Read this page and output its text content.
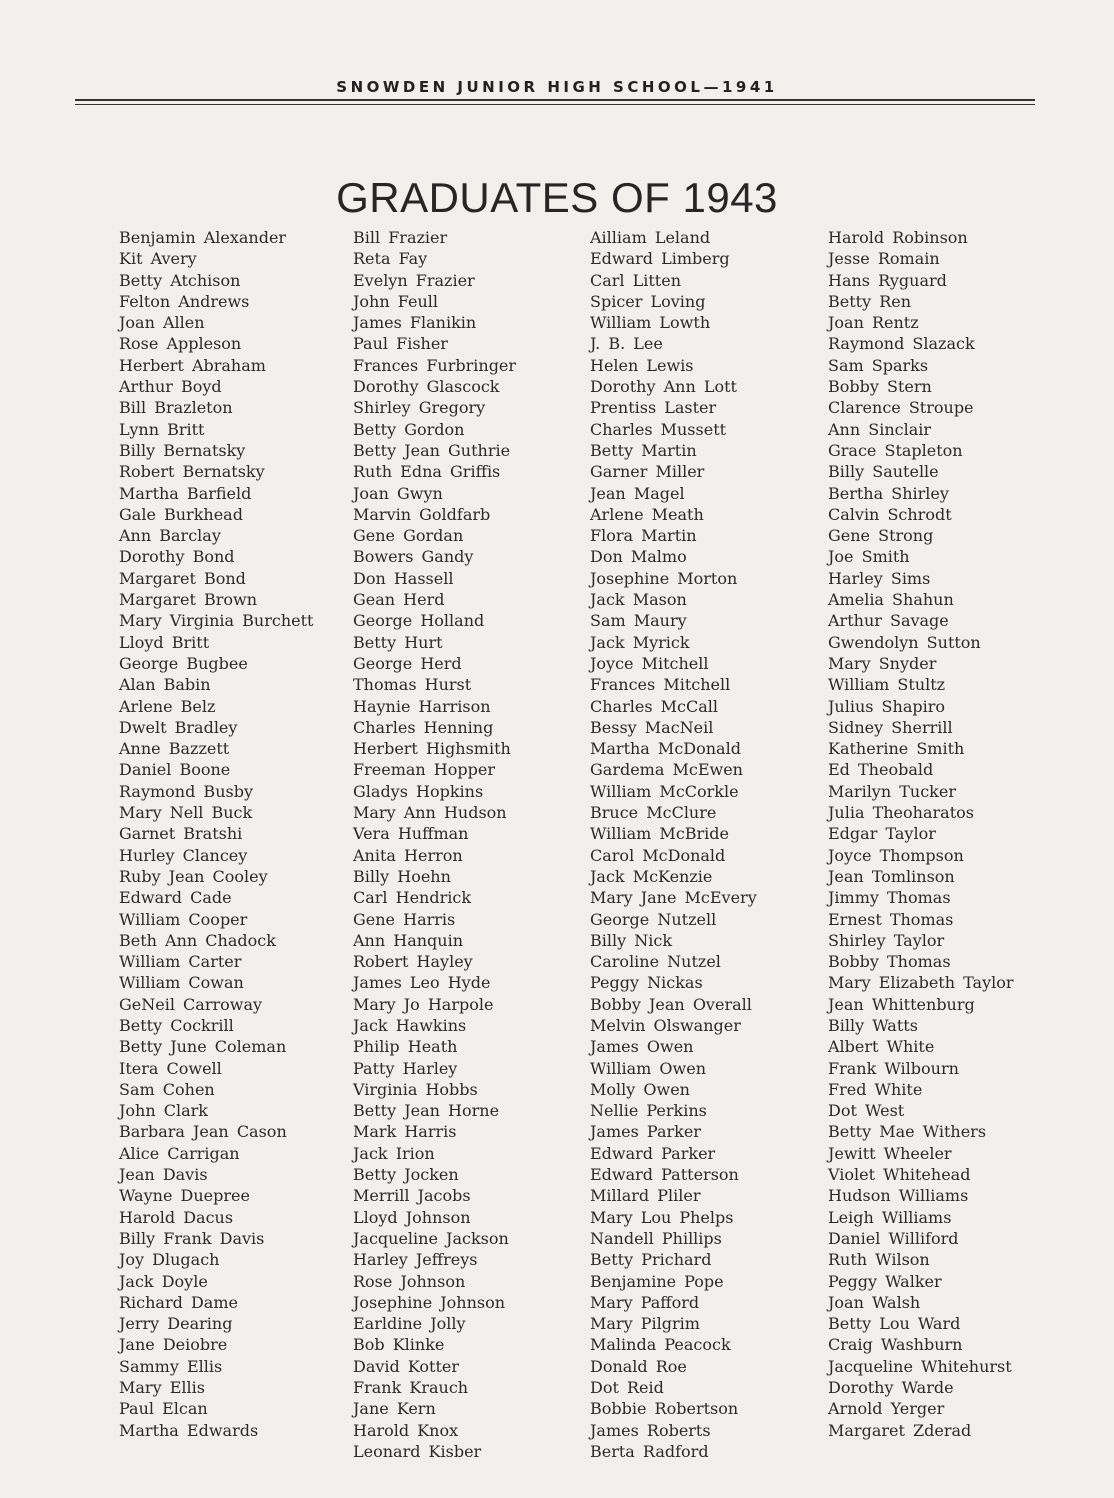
SNOWDEN JUNIOR HIGH SCHOOL—1941
GRADUATES OF 1943
Benjamin Alexander
Kit Avery
Betty Atchison
Felton Andrews
Joan Allen
Rose Appleson
Herbert Abraham
Arthur Boyd
Bill Brazleton
Lynn Britt
Billy Bernatsky
Robert Bernatsky
Martha Barfield
Gale Burkhead
Ann Barclay
Dorothy Bond
Margaret Bond
Margaret Brown
Mary Virginia Burchett
Lloyd Britt
George Bugbee
Alan Babin
Arlene Belz
Dwelt Bradley
Anne Bazzett
Daniel Boone
Raymond Busby
Mary Nell Buck
Garnet Bratshi
Hurley Clancey
Ruby Jean Cooley
Edward Cade
William Cooper
Beth Ann Chadock
William Carter
William Cowan
GeNeil Carroway
Betty Cockrill
Betty June Coleman
Itera Cowell
Sam Cohen
John Clark
Barbara Jean Cason
Alice Carrigan
Jean Davis
Wayne Duepree
Harold Dacus
Billy Frank Davis
Joy Dlugach
Jack Doyle
Richard Dame
Jerry Dearing
Jane Deiobre
Sammy Ellis
Mary Ellis
Paul Elcan
Martha Edwards
Bill Frazier
Reta Fay
Evelyn Frazier
John Feull
James Flanikin
Paul Fisher
Frances Furbringer
Dorothy Glascock
Shirley Gregory
Betty Gordon
Betty Jean Guthrie
Ruth Edna Griffis
Joan Gwyn
Marvin Goldfarb
Gene Gordan
Bowers Gandy
Don Hassell
Gean Herd
George Holland
Betty Hurt
George Herd
Thomas Hurst
Haynie Harrison
Charles Henning
Herbert Highsmith
Freeman Hopper
Gladys Hopkins
Mary Ann Hudson
Vera Huffman
Anita Herron
Billy Hoehn
Carl Hendrick
Gene Harris
Ann Hanquin
Robert Hayley
James Leo Hyde
Mary Jo Harpole
Jack Hawkins
Philip Heath
Patty Harley
Virginia Hobbs
Betty Jean Horne
Mark Harris
Jack Irion
Betty Jocken
Merrill Jacobs
Lloyd Johnson
Jacqueline Jackson
Harley Jeffreys
Rose Johnson
Josephine Johnson
Earldine Jolly
Bob Klinke
David Kotter
Frank Krauch
Jane Kern
Harold Knox
Leonard Kisber
Ailliam Leland
Edward Limberg
Carl Litten
Spicer Loving
William Lowth
J. B. Lee
Helen Lewis
Dorothy Ann Lott
Prentiss Laster
Charles Mussett
Betty Martin
Garner Miller
Jean Magel
Arlene Meath
Flora Martin
Don Malmo
Josephine Morton
Jack Mason
Sam Maury
Jack Myrick
Joyce Mitchell
Frances Mitchell
Charles McCall
Bessy MacNeil
Martha McDonald
Gardema McEwen
William McCorkle
Bruce McClure
William McBride
Carol McDonald
Jack McKenzie
Mary Jane McEvery
George Nutzell
Billy Nick
Caroline Nutzel
Peggy Nickas
Bobby Jean Overall
Melvin Olswanger
James Owen
William Owen
Molly Owen
Nellie Perkins
James Parker
Edward Parker
Edward Patterson
Millard Pliler
Mary Lou Phelps
Nandell Phillips
Betty Prichard
Benjamine Pope
Mary Pafford
Mary Pilgrim
Malinda Peacock
Donald Roe
Dot Reid
Bobbie Robertson
James Roberts
Berta Radford
Harold Robinson
Jesse Romain
Hans Ryguard
Betty Ren
Joan Rentz
Raymond Slazack
Sam Sparks
Bobby Stern
Clarence Stroupe
Ann Sinclair
Grace Stapleton
Billy Sautelle
Bertha Shirley
Calvin Schrodt
Gene Strong
Joe Smith
Harley Sims
Amelia Shahun
Arthur Savage
Gwendolyn Sutton
Mary Snyder
William Stultz
Julius Shapiro
Sidney Sherrill
Katherine Smith
Ed Theobald
Marilyn Tucker
Julia Theoharatos
Edgar Taylor
Joyce Thompson
Jean Tomlinson
Jimmy Thomas
Ernest Thomas
Shirley Taylor
Bobby Thomas
Mary Elizabeth Taylor
Jean Whittenburg
Billy Watts
Albert White
Frank Wilbourn
Fred White
Dot West
Betty Mae Withers
Jewitt Wheeler
Violet Whitehead
Hudson Williams
Leigh Williams
Daniel Williford
Ruth Wilson
Peggy Walker
Joan Walsh
Betty Lou Ward
Craig Washburn
Jacqueline Whitehurst
Dorothy Warde
Arnold Yerger
Margaret Zderad
